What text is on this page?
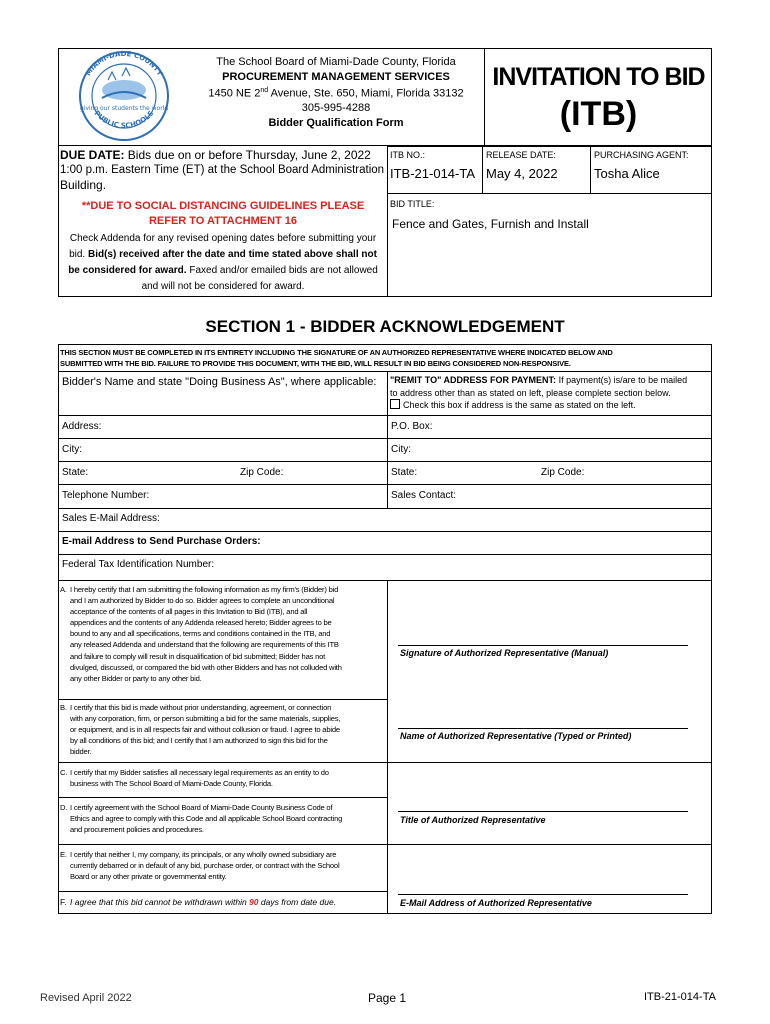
giving our students the world
MIAMI-DADE COUNTY
PUBLIC SCHOOLS
The School Board of Miami-Dade County, Florida
PROCUREMENT MANAGEMENT SERVICES
1450 NE 2nd Avenue, Ste. 650, Miami, Florida 33132
305-995-4288
Bidder Qualification Form
INVITATION TO BID
(ITB)
DUE DATE: Bids due on or before Thursday, June 2, 2022
1:00 p.m. Eastern Time (ET) at the School Board Administration
Building.
**DUE TO SOCIAL DISTANCING GUIDELINES PLEASE
REFER TO ATTACHMENT 16
Check Addenda for any revised opening dates before submitting your
bid. Bid(s) received after the date and time stated above shall not
be considered for award. Faxed and/or emailed bids are not allowed
and will not be considered for award.
ITB NO.:
ITB-21-014-TA
RELEASE DATE:
May 4, 2022
PURCHASING AGENT:
Tosha Alice
BID TITLE:
Fence and Gates, Furnish and Install
SECTION 1 - BIDDER ACKNOWLEDGEMENT
THIS SECTION MUST BE COMPLETED IN ITS ENTIRETY INCLUDING THE SIGNATURE OF AN AUTHORIZED REPRESENTATIVE WHERE INDICATED BELOW AND
SUBMITTED WITH THE BID. FAILURE TO PROVIDE THIS DOCUMENT, WITH THE BID, WILL RESULT IN BID BEING CONSIDERED NON-RESPONSIVE.
Bidder's Name and state "Doing Business As", where applicable:	"REMIT TO" ADDRESS FOR PAYMENT: If payment(s) is/are to be mailed
to address other than as stated on left, please complete section below.
Check this box if address is the same as stated on the left.
Address:	P.O. Box:
City:	City:
State:	Zip Code:	State:	Zip Code:
Telephone Number:	Sales Contact:
Sales E-Mail Address:
E-mail Address to Send Purchase Orders:
Federal Tax Identification Number:
A. I hereby certify that I am submitting the following information as my firm's (Bidder) bid
and I am authorized by Bidder to do so. Bidder agrees to complete an unconditional
acceptance of the contents of all pages in this Invitation to Bid (ITB), and all
appendices and the contents of any Addenda released hereto; Bidder agrees to be
bound to any and all specifications, terms and conditions contained in the ITB, and
any released Addenda and understand that the following are requirements of this ITB
and failure to comply will result in disqualification of bid submitted; Bidder has not
divulged, discussed, or compared the bid with other Bidders and has not colluded with
any other Bidder or party to any other bid.
B. I certify that this bid is made without prior understanding, agreement, or connection
with any corporation, firm, or person submitting a bid for the same materials, supplies,
or equipment, and is in all respects fair and without collusion or fraud. I agree to abide
by all conditions of this bid; and I certify that I am authorized to sign this bid for the
bidder.
C. I certify that my Bidder satisfies all necessary legal requirements as an entity to do
business with The School Board of Miami-Dade County, Florida.
D. I certify agreement with the School Board of Miami-Dade County Business Code of
Ethics and agree to comply with this Code and all applicable School Board contracting
and procurement policies and procedures.
E. I certify that neither I, my company, its principals, or any wholly owned subsidiary are
currently debarred or in default of any bid, purchase order, or contract with the School
Board or any other private or governmental entity.
F. I agree that this bid cannot be withdrawn within 90 days from date due.
Signature of Authorized Representative (Manual)
Name of Authorized Representative (Typed or Printed)
Title of Authorized Representative
E-Mail Address of Authorized Representative
Revised April 2022	Page 1	ITB-21-014-TA
